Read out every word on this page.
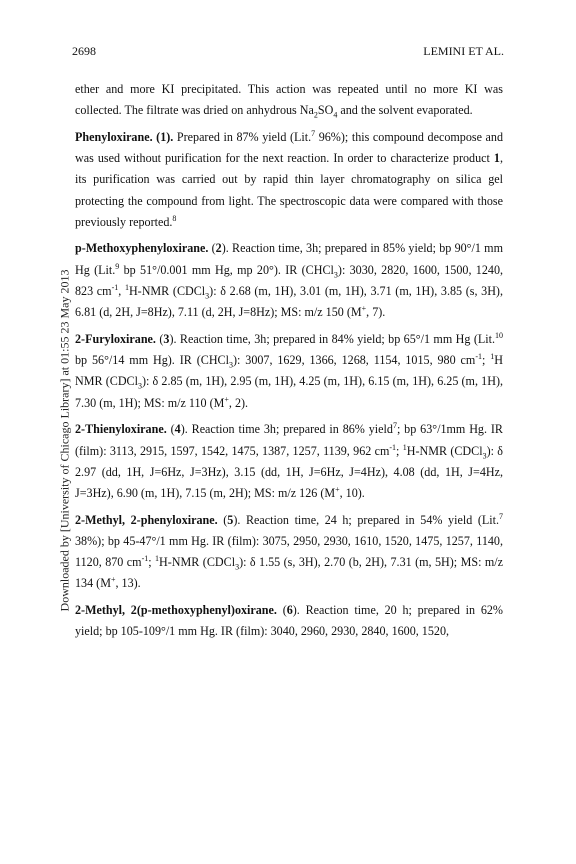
2698	LEMINI ET AL.
Downloaded by [University of Chicago Library] at 01:55 23 May 2013

ether and more KI precipitated. This action was repeated until no more KI was collected. The filtrate was dried on anhydrous $Na_2SO_4$ and the solvent evaporated.

Phenyloxirane. (1). Prepared in 87% yield (Lit.$^7$ 96%); this compound decompose and was used without purification for the next reaction. In order to characterize product 1, its purification was carried out by rapid thin layer chromatography on silica gel protecting the compound from light. The spectroscopic data were compared with those previously reported.$^8$

p-Methoxyphenyloxirane. (2). Reaction time, 3h; prepared in 85% yield; bp 90°/1 mm Hg (Lit.$^9$ bp 51°/0.001 mm Hg, mp 20°). IR (CHCl$_3$): 3030, 2820, 1600, 1500, 1240, 823 $cm^{-1}$, $^1$H-NMR (CDCl$_3$): δ 2.68 (m, 1H), 3.01 (m, 1H), 3.71 (m, 1H), 3.85 (s, 3H), 6.81 (d, 2H, J=8Hz), 7.11 (d, 2H, J=8Hz); MS: m/z 150 (M+, 7).

2-Furyloxirane. (3). Reaction time, 3h; prepared in 84% yield; bp 65°/1 mm Hg (Lit.$^{10}$ bp 56°/14 mm Hg). IR (CHCl$_3$): 3007, 1629, 1366, 1268, 1154, 1015, 980 $cm^{-1}$; $^1$H NMR (CDCl$_3$): δ 2.85 (m, 1H), 2.95 (m, 1H), 4.25 (m, 1H), 6.15 (m, 1H), 6.25 (m, 1H), 7.30 (m, 1H); MS: m/z 110 (M+, 2).

2-Thienyloxirane. (4). Reaction time 3h; prepared in 86% yield$^7$; bp 63°/1mm Hg. IR (film): 3113, 2915, 1597, 1542, 1475, 1387, 1257, 1139, 962 $cm^{-1}$; $^1$H-NMR (CDCl$_3$): δ 2.97 (dd, 1H, J=6Hz, J=3Hz), 3.15 (dd, 1H, J=6Hz, J=4Hz), 4.08 (dd, 1H, J=4Hz, J=3Hz), 6.90 (m, 1H), 7.15 (m, 2H); MS: m/z 126 (M+, 10).

2-Methyl, 2-phenyloxirane. (5). Reaction time, 24 h; prepared in 54% yield (Lit.$^7$ 38%); bp 45-47°/1 mm Hg. IR (film): 3075, 2950, 2930, 1610, 1520, 1475, 1257, 1140, 1120, 870 $cm^{-1}$; $^1$H-NMR (CDCl$_3$): δ 1.55 (s, 3H), 2.70 (b, 2H), 7.31 (m, 5H); MS: m/z 134 (M+, 13).

2-Methyl, 2(p-methoxyphenyl)oxirane. (6). Reaction time, 20 h; prepared in 62% yield; bp 105-109°/1 mm Hg. IR (film): 3040, 2960, 2930, 2840, 1600, 1520,
